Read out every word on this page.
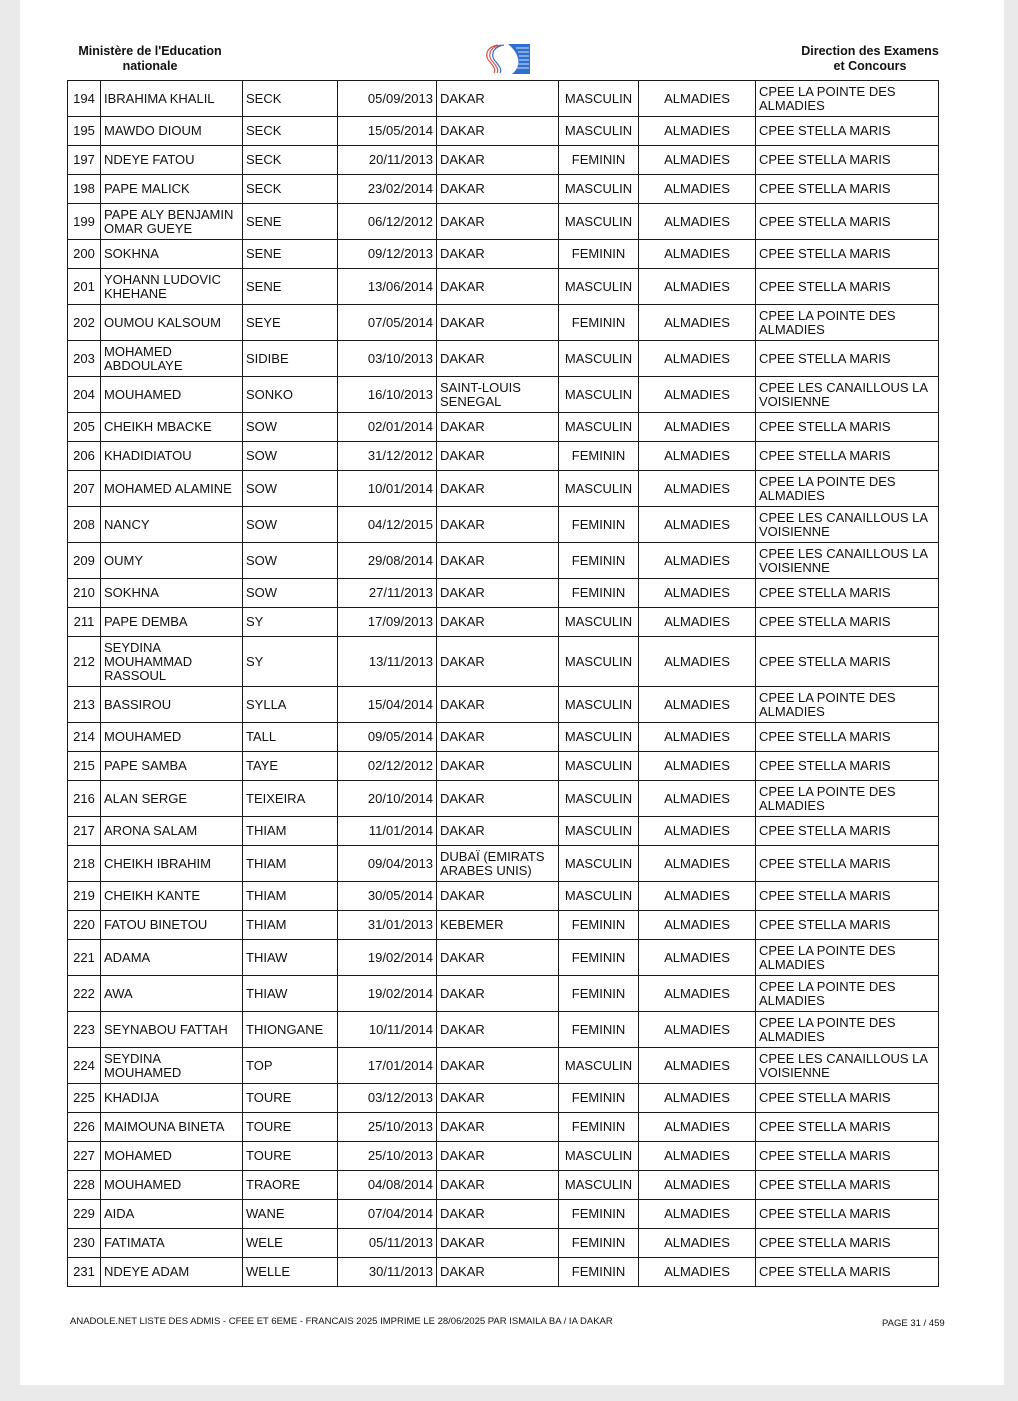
Ministère de l'Education
nationale
Direction des Examens
et Concours
194	IBRAHIMA KHALIL	SECK	05/09/2013	DAKAR	MASCULIN	ALMADIES	CPEE LA POINTE DES ALMADIES
195	MAWDO DIOUM	SECK	15/05/2014	DAKAR	MASCULIN	ALMADIES	CPEE STELLA MARIS
197	NDEYE FATOU	SECK	20/11/2013	DAKAR	FEMININ	ALMADIES	CPEE STELLA MARIS
198	PAPE MALICK	SECK	23/02/2014	DAKAR	MASCULIN	ALMADIES	CPEE STELLA MARIS
199	PAPE ALY BENJAMIN OMAR GUEYE	SENE	06/12/2012	DAKAR	MASCULIN	ALMADIES	CPEE STELLA MARIS
200	SOKHNA	SENE	09/12/2013	DAKAR	FEMININ	ALMADIES	CPEE STELLA MARIS
201	YOHANN LUDOVIC KHEHANE	SENE	13/06/2014	DAKAR	MASCULIN	ALMADIES	CPEE STELLA MARIS
202	OUMOU KALSOUM	SEYE	07/05/2014	DAKAR	FEMININ	ALMADIES	CPEE LA POINTE DES ALMADIES
203	MOHAMED ABDOULAYE	SIDIBE	03/10/2013	DAKAR	MASCULIN	ALMADIES	CPEE STELLA MARIS
204	MOUHAMED	SONKO	16/10/2013	SAINT-LOUIS SENEGAL	MASCULIN	ALMADIES	CPEE LES CANAILLOUS LA VOISIENNE
205	CHEIKH MBACKE	SOW	02/01/2014	DAKAR	MASCULIN	ALMADIES	CPEE STELLA MARIS
206	KHADIDIATOU	SOW	31/12/2012	DAKAR	FEMININ	ALMADIES	CPEE STELLA MARIS
207	MOHAMED ALAMINE	SOW	10/01/2014	DAKAR	MASCULIN	ALMADIES	CPEE LA POINTE DES ALMADIES
208	NANCY	SOW	04/12/2015	DAKAR	FEMININ	ALMADIES	CPEE LES CANAILLOUS LA VOISIENNE
209	OUMY	SOW	29/08/2014	DAKAR	FEMININ	ALMADIES	CPEE LES CANAILLOUS LA VOISIENNE
210	SOKHNA	SOW	27/11/2013	DAKAR	FEMININ	ALMADIES	CPEE STELLA MARIS
211	PAPE DEMBA	SY	17/09/2013	DAKAR	MASCULIN	ALMADIES	CPEE STELLA MARIS
212	SEYDINA MOUHAMMAD RASSOUL	SY	13/11/2013	DAKAR	MASCULIN	ALMADIES	CPEE STELLA MARIS
213	BASSIROU	SYLLA	15/04/2014	DAKAR	MASCULIN	ALMADIES	CPEE LA POINTE DES ALMADIES
214	MOUHAMED	TALL	09/05/2014	DAKAR	MASCULIN	ALMADIES	CPEE STELLA MARIS
215	PAPE SAMBA	TAYE	02/12/2012	DAKAR	MASCULIN	ALMADIES	CPEE STELLA MARIS
216	ALAN SERGE	TEIXEIRA	20/10/2014	DAKAR	MASCULIN	ALMADIES	CPEE LA POINTE DES ALMADIES
217	ARONA SALAM	THIAM	11/01/2014	DAKAR	MASCULIN	ALMADIES	CPEE STELLA MARIS
218	CHEIKH IBRAHIM	THIAM	09/04/2013	DUBAÏ (EMIRATS ARABES UNIS)	MASCULIN	ALMADIES	CPEE STELLA MARIS
219	CHEIKH KANTE	THIAM	30/05/2014	DAKAR	MASCULIN	ALMADIES	CPEE STELLA MARIS
220	FATOU BINETOU	THIAM	31/01/2013	KEBEMER	FEMININ	ALMADIES	CPEE STELLA MARIS
221	ADAMA	THIAW	19/02/2014	DAKAR	FEMININ	ALMADIES	CPEE LA POINTE DES ALMADIES
222	AWA	THIAW	19/02/2014	DAKAR	FEMININ	ALMADIES	CPEE LA POINTE DES ALMADIES
223	SEYNABOU FATTAH	THIONGANE	10/11/2014	DAKAR	FEMININ	ALMADIES	CPEE LA POINTE DES ALMADIES
224	SEYDINA MOUHAMED	TOP	17/01/2014	DAKAR	MASCULIN	ALMADIES	CPEE LES CANAILLOUS LA VOISIENNE
225	KHADIJA	TOURE	03/12/2013	DAKAR	FEMININ	ALMADIES	CPEE STELLA MARIS
226	MAIMOUNA BINETA	TOURE	25/10/2013	DAKAR	FEMININ	ALMADIES	CPEE STELLA MARIS
227	MOHAMED	TOURE	25/10/2013	DAKAR	MASCULIN	ALMADIES	CPEE STELLA MARIS
228	MOUHAMED	TRAORE	04/08/2014	DAKAR	MASCULIN	ALMADIES	CPEE STELLA MARIS
229	AIDA	WANE	07/04/2014	DAKAR	FEMININ	ALMADIES	CPEE STELLA MARIS
230	FATIMATA	WELE	05/11/2013	DAKAR	FEMININ	ALMADIES	CPEE STELLA MARIS
231	NDEYE ADAM	WELLE	30/11/2013	DAKAR	FEMININ	ALMADIES	CPEE STELLA MARIS
ANADOLE.NET LISTE DES ADMIS - CFEE ET 6EME - FRANCAIS 2025 IMPRIME LE 28/06/2025 PAR ISMAILA BA / IA DAKAR	PAGE 31 / 459
